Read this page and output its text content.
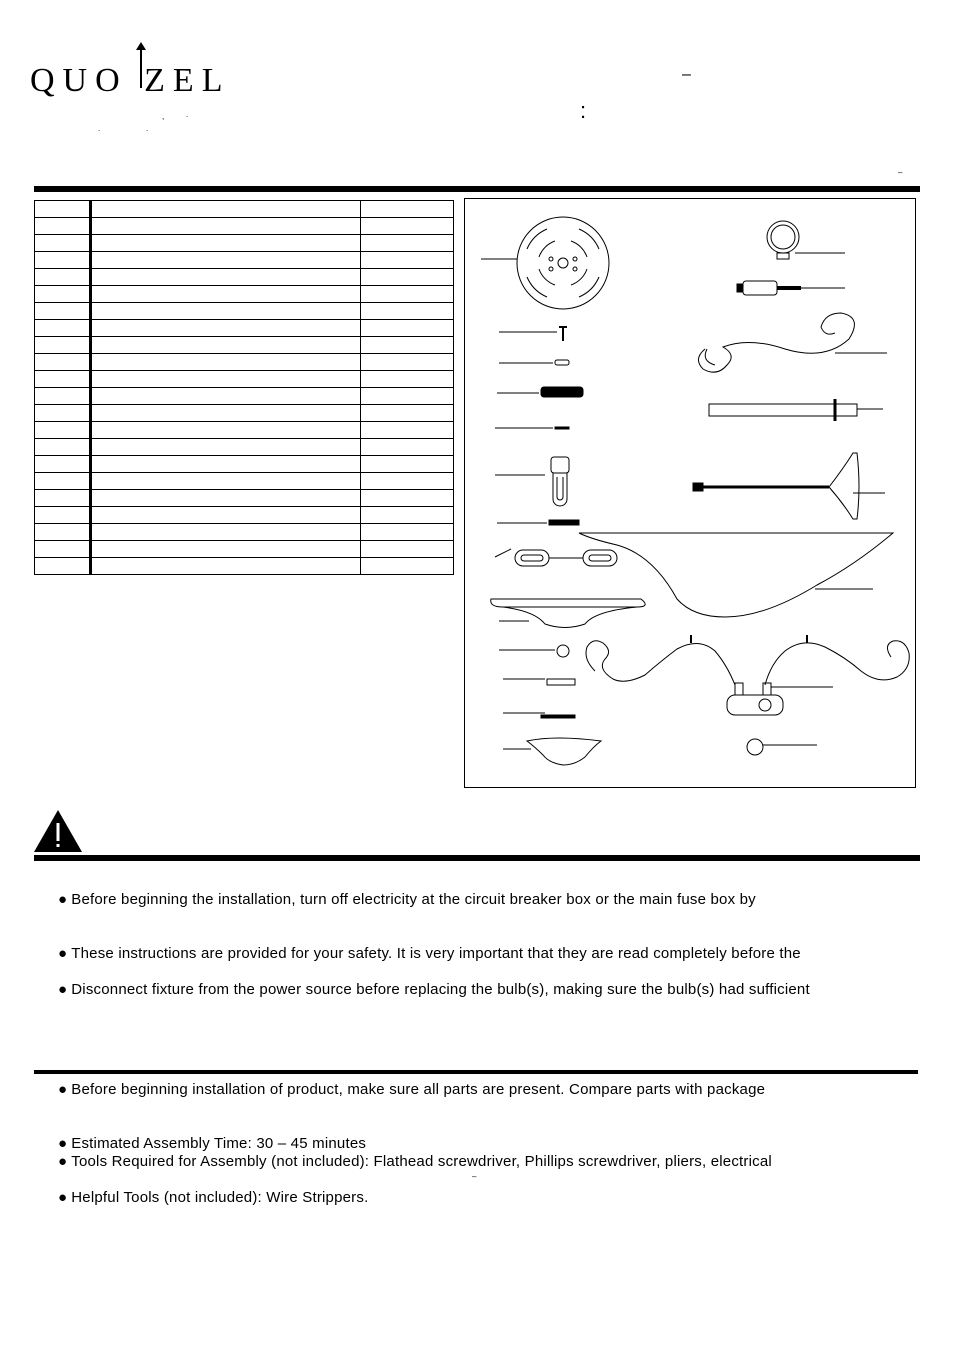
QUO ZEL
,	.
.	.
–
:
–

● Before beginning the installation, turn off electricity at the circuit breaker box or the main fuse box by
● These instructions are provided for your safety. It is very important that they are read completely before the
● Disconnect fixture from the power source before replacing the bulb(s), making sure the bulb(s) had sufficient
● Before beginning installation of product, make sure all parts are present. Compare parts with package
● Estimated Assembly Time: 30 – 45 minutes
● Tools Required for Assembly (not included): Flathead screwdriver, Phillips screwdriver, pliers, electrical
–
● Helpful Tools (not included): Wire Strippers.
